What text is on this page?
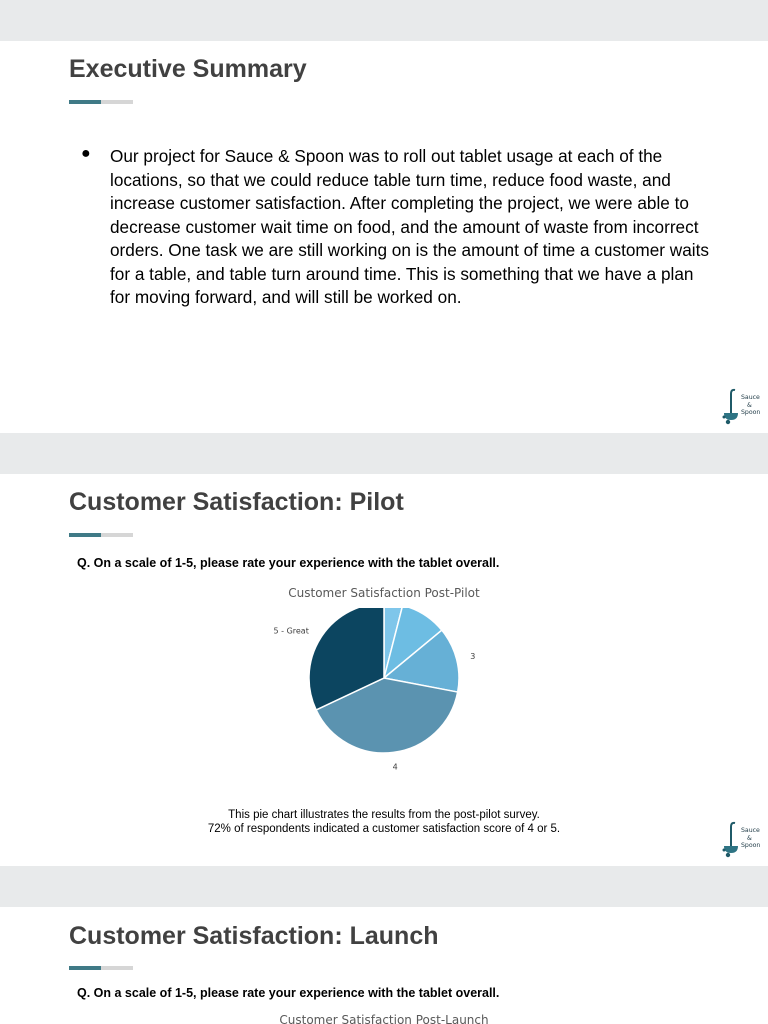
Executive Summary
● Our project for Sauce & Spoon was to roll out tablet usage at each of the locations, so that we could reduce table turn time, reduce food waste, and increase customer satisfaction. After completing the project, we were able to decrease customer wait time on food, and the amount of waste from incorrect orders. One task we are still working on is the amount of time a customer waits for a table, and table turn around time. This is something that we have a plan for moving forward, and will still be worked on.
Sauce
&
Spoon
Customer Satisfaction: Pilot

Q. On a scale of 1-5, please rate your experience with the tablet overall.

Customer Satisfaction Post-Pilot
3
4
5 - Great
This pie chart illustrates the results from the post-pilot survey.
72% of respondents indicated a customer satisfaction score of 4 or 5.	Sauce
&
Spoon
Customer Satisfaction: Launch

Q. On a scale of 1-5, please rate your experience with the tablet overall.

Customer Satisfaction Post-Launch
